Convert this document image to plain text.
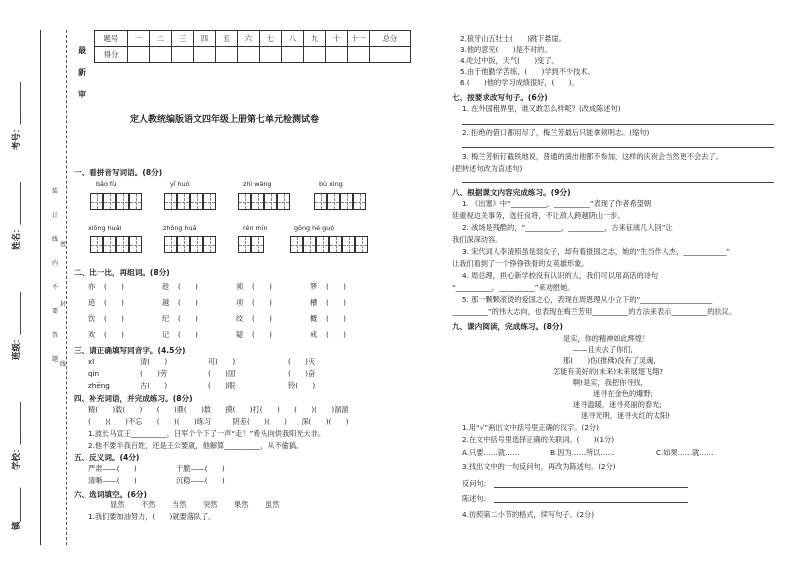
镇________
学校：__________
班级：__________
姓名：__________
考号：__________
装
订
线
内
不
要
答
题
密
封
线
最
新
审
题号	一	二	三	四	五	六	七	八	九	十	十一	总分
得分												
定人教统编版语文四年级上册第七单元检测试卷
一、看拼音写词语。(8分)
bǎo fù	yī huò	zhì wàng	bù xìng
xiōng huái	zhōng huá	rén mín	gōng hé guó
二、比一比，再组词。(8分)
亦 (　　)	趁 (　　)	须 (　　)	梦 (　　)
迹 (　　)	越 (　　)	项 (　　)	槽 (　　)
饮 (　　)	纪 (　　)	纹 (　　)	概 (　　)
欢 (　　)	记 (　　)	疑 (　　)	戒 (　　)
三、请正确填写同音字。(4.5分)
xī	清(　　)	可(　　)	(　　)灭
qín	(　　)劳	(　　)国	(　　)奋
zhēng	古(　　)	(　　)眼	铃(　　)
四、补充词语，并完成练习。(8分)
精(　　)载(　　)　　(　　)鼎(　　)数　　摸(　　)打(　　)　　(　　)(　　)溜溜
(　　)(　　)不忘　　(　　)(　　)练习　　　阴差(　　)(　　)　　深(　　)(　　)
1.波长马宣王__________，日军个个下了一声“走！”希头向供我阳光大非。
2.他不要半我百姓，还是王公要就，他解算__________，从不偷搞。
五、反义词。(4分)
严肃——(　　)	干脆——(　　)
清晰——(　　)	沉稳——(　　)
六、选词填空。(6分)
显然 不然 当然 突然 果然 虽然
1.我们要加油努力，(　　)就要落队了。
2.狼牙山五壮士(　　)跳下悬崖。
3.他的意见(　　)是不对的。
4.吃过中饭，天气(　　)变了。
5.由于他勤学苦练，(　　)学到不少技术。
6.(　　)他的学习成绩很好，(　　)。
七、按要求改写句子。(6分)
1. 在外国租界里，谁又敢怎么样呢？(改成陈述句)
2. 拒绝的借口都用尽了，梅兰芳最后只能拿须明志。(缩句)
3. 梅兰芳斩钉截铁地说，普通的演出他都不参加，这样的庆祝会当然更不会去了。
(把转述句改为直述句)
八、根据课文内容完成练习。(9分)
1. 《出塞》中“__________，__________”表现了作者希望朝
廷重视边关事务，选任良将，不让敌人跨越阴山一步。
2. 战场是残酷的，“__________，__________，古来征战几人回”让
我们深深动容。
3. 宋代词人李清照虽是弱女子，却有着报国之志，她的“生当作人杰，____________”
让我们看到了一个铮铮铁骨的女英雄形象。
4. 周总理，担心新学校没有认识的人，我们可以用高话的诗句
“__________，__________”来劝慰她。
5. 那一颗颗滚烫的爱国之心，表现在周恩理从小立下的“____________________
__________”的伟大志向，也表现在梅兰芳用__________的方法来表示__________的抗议。
九、课内阅读，完成练习。(8分)
是实，你的精神如此辉煌！
——且夫去了你们，
那(　　)伤(推佛)没有了灵魂，
怎能有美好的(未来)未来展翅飞翔?
啊!是实，我把你寻找，
迷寻在金色的爆野;
迷寻温暖，迷寻亮丽的春光;
迷寻光明，迷寻火红的太阳!
1.用“√”画出文中括号里正确的汉字。(2分)
2.在文中括号里选择正确的关联词。(　　)(1分)
A.只要……就……	B.因为……所以……	C.如果……就……
3.找出文中的一句反问句，再改为陈述句。(2分)
反问句:
陈述句:
4.仿照第二小节的格式，续写句子。(2分)
